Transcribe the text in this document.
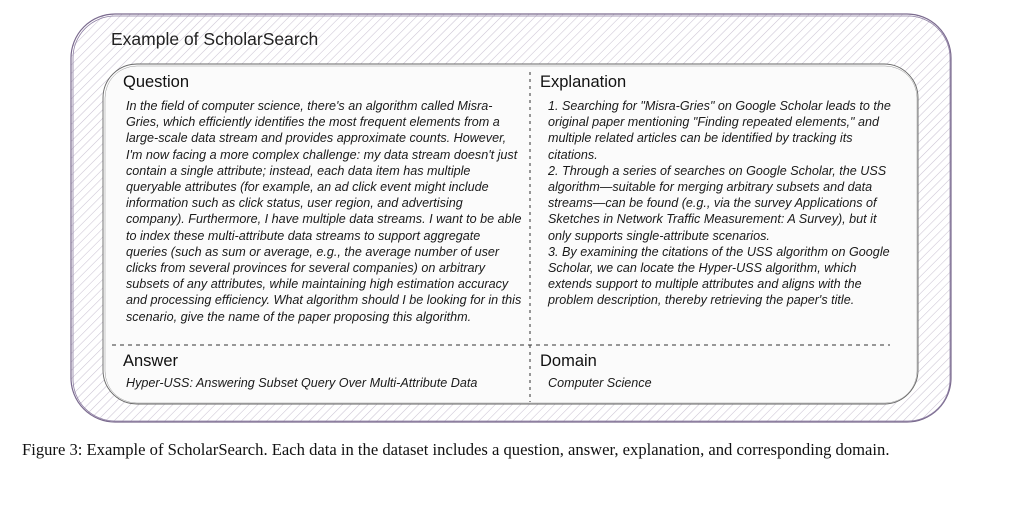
Example of ScholarSearch
Question

In the field of computer science, there's an algorithm called Misra-Gries, which efficiently identifies the most frequent elements from a large-scale data stream and provides approximate counts. However, I'm now facing a more complex challenge: my data stream doesn't just contain a single attribute; instead, each data item has multiple queryable attributes (for example, an ad click event might include information such as click status, user region, and advertising company). Furthermore, I have multiple data streams. I want to be able to index these multi-attribute data streams to support aggregate queries (such as sum or average, e.g., the average number of user clicks from several provinces for several companies) on arbitrary subsets of any attributes, while maintaining high estimation accuracy and processing efficiency. What algorithm should I be looking for in this scenario, give the name of the paper proposing this algorithm.

Explanation
1. Searching for "Misra-Gries" on Google Scholar leads to the original paper mentioning "Finding repeated elements," and multiple related articles can be identified by tracking its citations.
2. Through a series of searches on Google Scholar, the USS algorithm—suitable for merging arbitrary subsets and data streams—can be found (e.g., via the survey Applications of Sketches in Network Traffic Measurement: A Survey), but it only supports single-attribute scenarios.
3. By examining the citations of the USS algorithm on Google Scholar, we can locate the Hyper-USS algorithm, which extends support to multiple attributes and aligns with the problem description, thereby retrieving the paper's title.
Answer

Hyper-USS: Answering Subset Query Over Multi-Attribute Data

Domain

Computer Science

Figure 3: Example of ScholarSearch. Each data in the dataset includes a question, answer, explanation, and corresponding domain.
